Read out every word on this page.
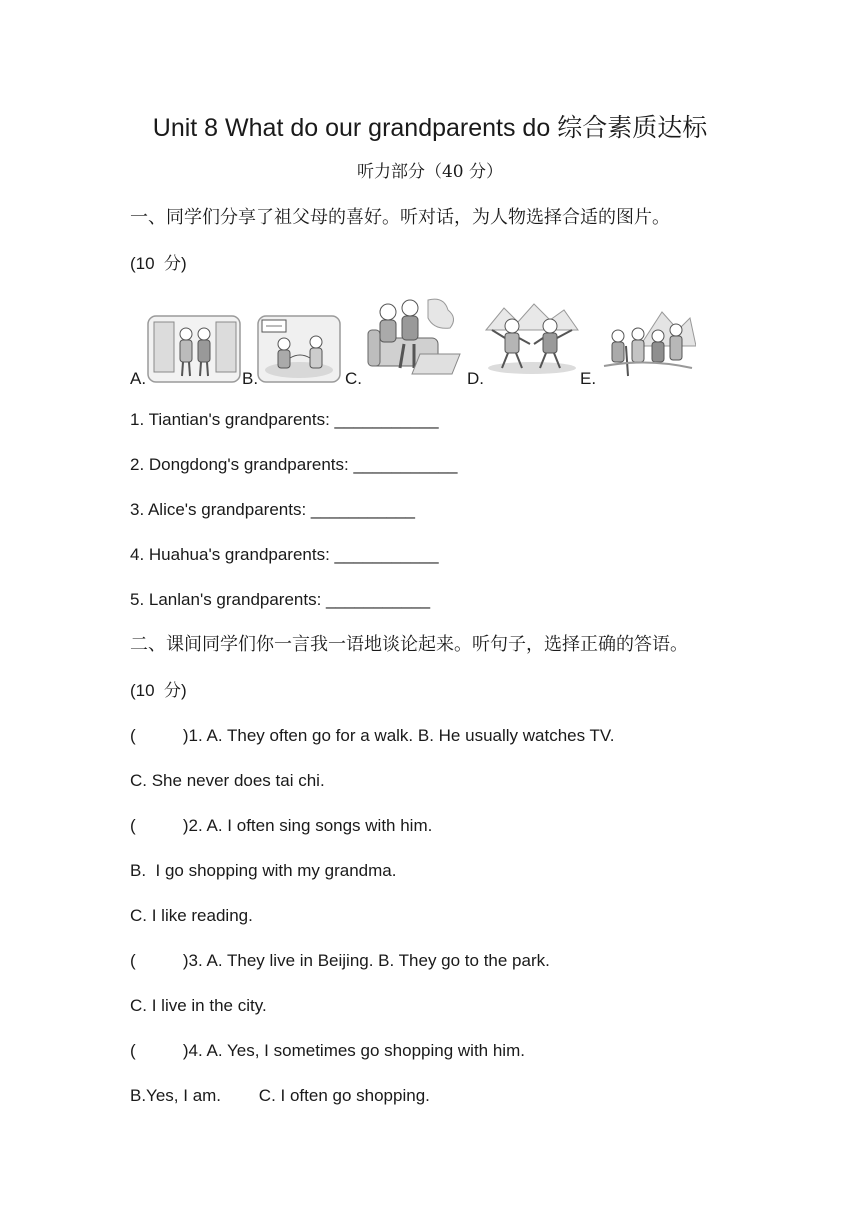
Unit 8 What do our grandparents do 综合素质达标
听力部分（40 分）
一、同学们分享了祖父母的喜好。听对话，为人物选择合适的图片。
(10  分)
A.	B.	C.	D.	E.
1. Tiantian's grandparents: ___________
2. Dongdong's grandparents: ___________
3. Alice's grandparents: ___________
4. Huahua's grandparents: ___________
5. Lanlan's grandparents: ___________
二、课间同学们你一言我一语地谈论起来。听句子，选择正确的答语。
(10  分)
(          )1. A. They often go for a walk. B. He usually watches TV.
C. She never does tai chi.
(          )2. A. I often sing songs with him.
B.  I go shopping with my grandma.
C. I like reading.
(          )3. A. They live in Beijing. B. They go to the park.
C. I live in the city.
(          )4. A. Yes, I sometimes go shopping with him.
B.Yes, I am.        C. I often go shopping.
